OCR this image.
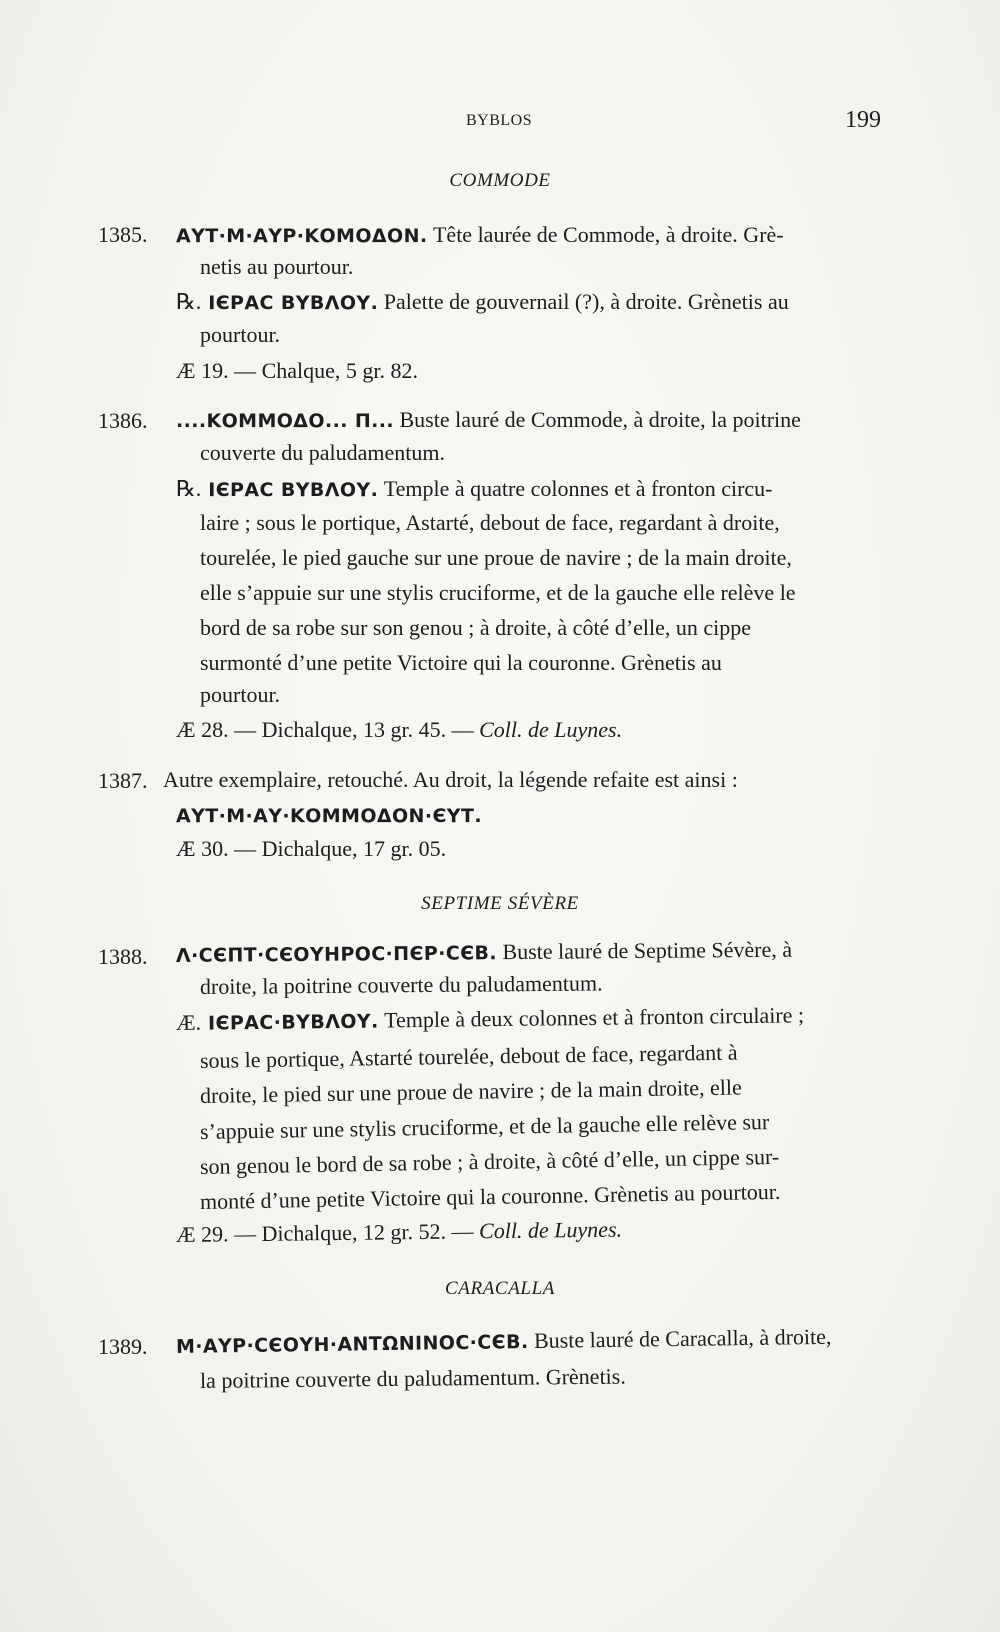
BYBLOS	199
COMMODE
1385. ΑΥΤ·Μ·ΑΥΡ·ΚΟΜΟΔΟΝ. Tête laurée de Commode, à droite. Grè-
netis au pourtour.
℞. ΙЄΡΑC ΒΥΒΛΟΥ. Palette de gouvernail (?), à droite. Grènetis au
pourtour.
Æ 19. — Chalque, 5 gr. 82.
1386. ....ΚΟΜΜΟΔΟ... Π... Buste lauré de Commode, à droite, la poitrine
couverte du paludamentum.
℞. ΙЄΡΑC ΒΥΒΛΟΥ. Temple à quatre colonnes et à fronton circu-
laire ; sous le portique, Astarté, debout de face, regardant à droite,
tourelée, le pied gauche sur une proue de navire ; de la main droite,
elle s’appuie sur une stylis cruciforme, et de la gauche elle relève le
bord de sa robe sur son genou ; à droite, à côté d’elle, un cippe
surmonté d’une petite Victoire qui la couronne. Grènetis au
pourtour.
Æ 28. — Dichalque, 13 gr. 45. — Coll. de Luynes.
1387. Autre exemplaire, retouché. Au droit, la légende refaite est ainsi :
ΑΥΤ·Μ·ΑΥ·ΚΟΜΜΟΔΟΝ·ЄΥΤ.
Æ 30. — Dichalque, 17 gr. 05.
SEPTIME SÉVÈRE
1388. Λ·CЄΠΤ·CЄΟΥΗΡΟC·ΠЄΡ·CЄΒ. Buste lauré de Septime Sévère, à
droite, la poitrine couverte du paludamentum.
Æ. ΙЄΡΑC·ΒΥΒΛΟΥ. Temple à deux colonnes et à fronton circulaire ;
sous le portique, Astarté tourelée, debout de face, regardant à
droite, le pied sur une proue de navire ; de la main droite, elle
s’appuie sur une stylis cruciforme, et de la gauche elle relève sur
son genou le bord de sa robe ; à droite, à côté d’elle, un cippe sur-
monté d’une petite Victoire qui la couronne. Grènetis au pourtour.
Æ 29. — Dichalque, 12 gr. 52. — Coll. de Luynes.
CARACALLA
1389. Μ·ΑΥΡ·CЄΟΥΗ·ΑΝΤΩΝΙΝΟC·CЄΒ. Buste lauré de Caracalla, à droite,
la poitrine couverte du paludamentum. Grènetis.
